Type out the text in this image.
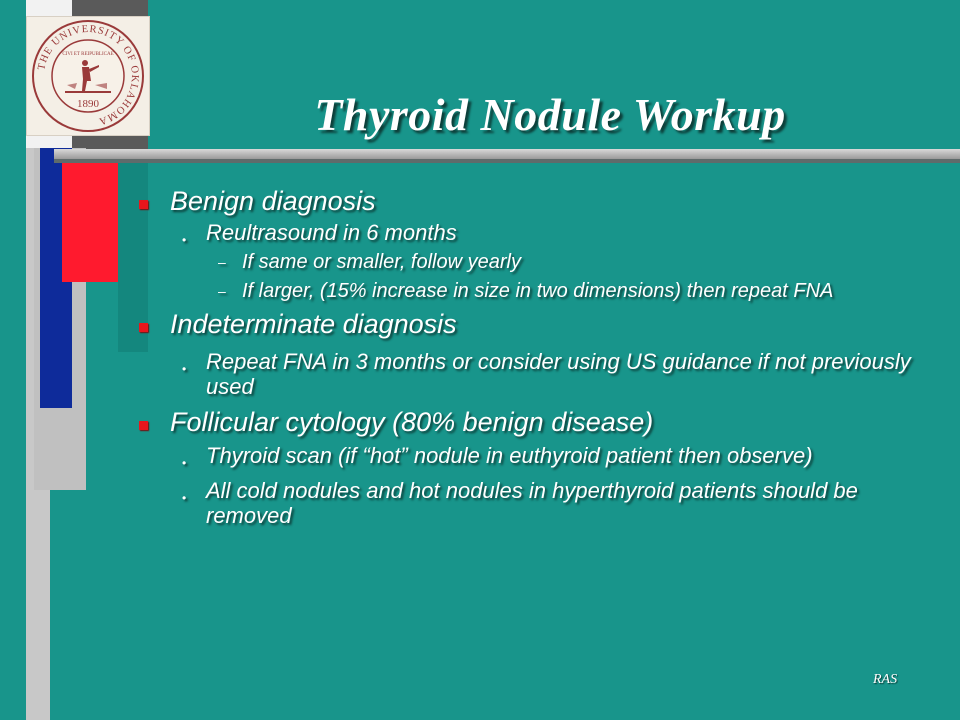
THE UNIVERSITY OF OKLAHOMA
CIVI ET REIPUBLICAE
1890	Thyroid Nodule Workup
Benign diagnosis
• Reultrasound in 6 months
– If same or smaller, follow yearly
– If larger, (15% increase in size in two dimensions) then repeat FNA
Indeterminate diagnosis
• Repeat FNA in 3 months or consider using US guidance if not previously used
Follicular cytology (80% benign disease)
• Thyroid scan (if “hot” nodule in euthyroid patient then observe)
• All cold nodules and hot nodules in hyperthyroid patients should be removed
RAS
